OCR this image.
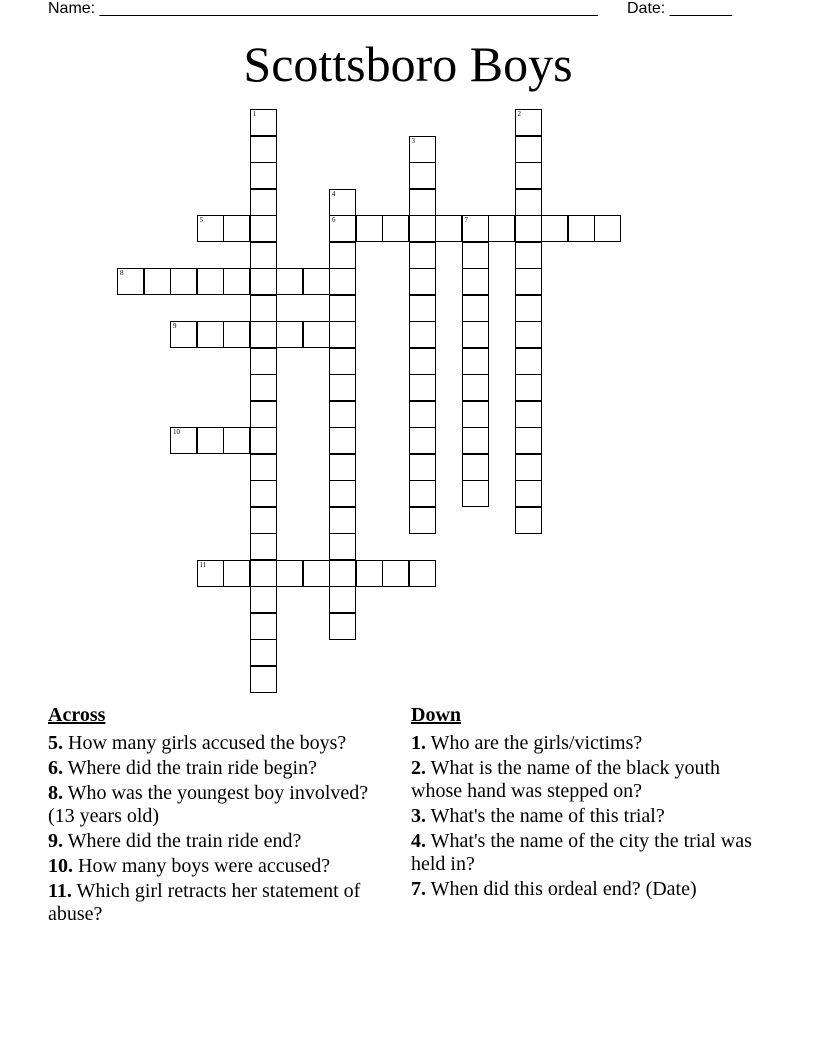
Name: ________________________________________________________ Date: _______
Scottsboro Boys
1	2
3
4
6
5	7
8
9
10
11
Across
5. How many girls accused the boys?
6. Where did the train ride begin?
8. Who was the youngest boy involved? (13 years old)
9. Where did the train ride end?
10. How many boys were accused?
11. Which girl retracts her statement of abuse?
Down
1. Who are the girls/victims?
2. What is the name of the black youth whose hand was stepped on?
3. What's the name of this trial?
4. What's the name of the city the trial was held in?
7. When did this ordeal end? (Date)
